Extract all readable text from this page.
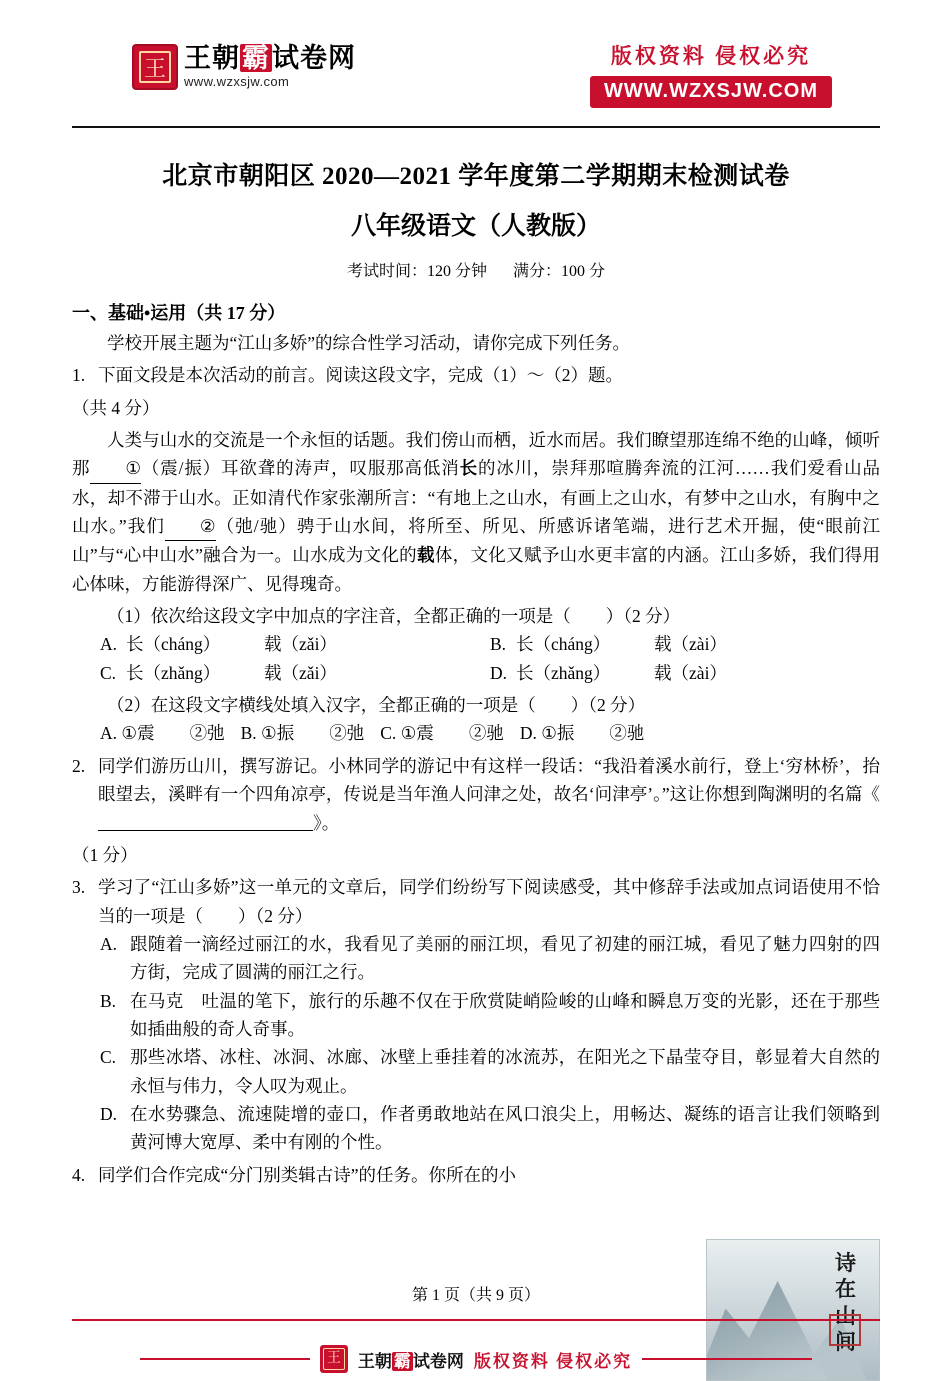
王 王朝霸试卷网
www.wzxsjw.com
版权资料 侵权必究
WWW.WZXSJW.COM
北京市朝阳区 2020—2021 学年度第二学期期末检测试卷
八年级语文（人教版）
考试时间：120 分钟 满分：100 分
一、基础•运用（共 17 分）

学校开展主题为“江山多娇”的综合性学习活动，请你完成下列任务。

1. 下面文段是本次活动的前言。阅读这段文字，完成（1）～（2）题。

（共 4 分）

人类与山水的交流是一个永恒的话题。我们傍山而栖，近水而居。我们瞭望那连绵不绝的山峰，倾听那 ①（震/振）耳欲聋的涛声，叹服那高低消长的冰川，崇拜那喧腾奔流的江河……我们爱看山品水，却不滞于山水。正如清代作家张潮所言：“有地上之山水，有画上之山水，有梦中之山水，有胸中之山水。”我们 ②（弛/驰）骋于山水间，将所至、所见、所感诉诸笔端，进行艺术开掘，使“眼前江山”与“心中山水”融合为一。山水成为文化的载体，文化又赋予山水更丰富的内涵。江山多娇，我们得用心体味，方能游得深广、见得瑰奇。

（1）依次给这段文字中加点的字注音，全都正确的一项是（　　）（2 分）

A. 长（cháng）　　　载（zǎi）	B. 长（cháng）　　　载（zài）
C. 长（zhǎng）　　　载（zǎi）	D. 长（zhǎng）　　　载（zài）

（2）在这段文字横线处填入汉字，全都正确的一项是（　　）（2 分）

A. ①震　　②弛 B. ①振　　②弛 C. ①震　　②驰 D. ①振　　②驰
2. 同学们游历山川，撰写游记。小林同学的游记中有这样一段话：“我沿着溪水前行，登上‘穷林桥’，抬眼望去，溪畔有一个四角凉亭，传说是当年渔人问津之处，故名‘问津亭’。”这让你想到陶渊明的名篇《》。

（1 分）

3. 学习了“江山多娇”这一单元的文章后，同学们纷纷写下阅读感受，其中修辞手法或加点词语使用不恰当的一项是（　　）（2 分）
A. 跟随着一滴经过丽江的水，我看见了美丽的丽江坝，看见了初建的丽江城，看见了魅力四射的四方街，完成了圆满的丽江之行。
B. 在马克　吐温的笔下，旅行的乐趣不仅在于欣赏陡峭险峻的山峰和瞬息万变的光影，还在于那些如插曲般的奇人奇事。
C. 那些冰塔、冰柱、冰洞、冰廊、冰壁上垂挂着的冰流苏，在阳光之下晶莹夺目，彰显着大自然的永恒与伟力，令人叹为观止。
D. 在水势骤急、流速陡增的壶口，作者勇敢地站在风口浪尖上，用畅达、凝练的语言让我们领略到黄河博大宽厚、柔中有刚的个性。
4. 同学们合作完成“分门别类辑古诗”的任务。你所在的小
第 1 页（共 9 页）
诗在山间
王	王朝 霸 试卷网 版权资料 侵权必究
